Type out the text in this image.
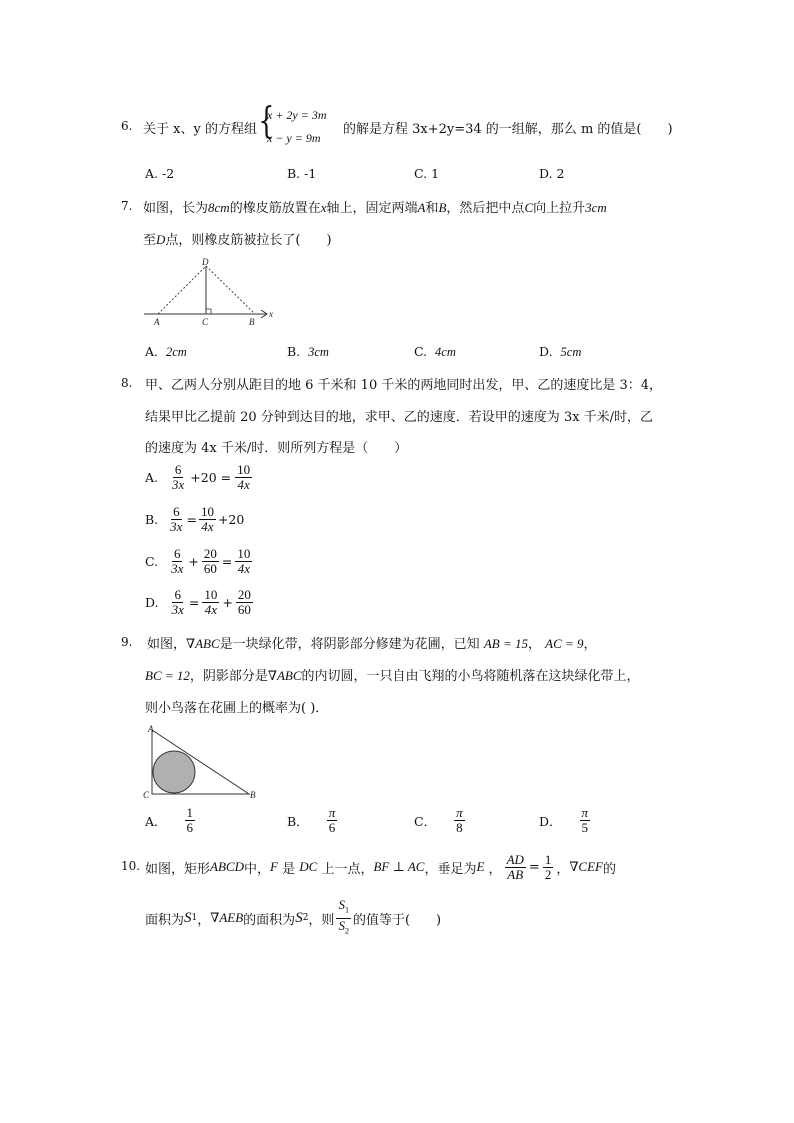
6. 关于 x、y 的方程组 {
x + 2y = 3m
x − y = 9m
的解是方程 3x+2y=34 的一组解，那么 m 的值是(　　)
A. -2	B. -1	C. 1	D. 2
7. 如图，长为8cm的橡皮筋放置在x轴上，固定两端A和B，然后把中点C向上拉升3cm
至D点，则橡皮筋被拉长了(　　)
D
A	C	B
x
A. 2cm	B. 3cm	C. 4cm	D. 5cm
8. 甲、乙两人分别从距目的地 6 千米和 10 千米的两地同时出发，甲、乙的速度比是 3：4，
结果甲比乙提前 20 分钟到达目的地，求甲、乙的速度．若设甲的速度为 3x 千米/时，乙
的速度为 4x 千米/时．则所列方程是（　　）
A. $\frac{6}{3x} +20 = \frac{10}{4x}$
B. $\frac{6}{3x} = \frac{10}{4x} +20$
C. $\frac{6}{3x} + \frac{20}{60} = \frac{10}{4x}$
D. $\frac{6}{3x} = \frac{10}{4x} + \frac{20}{60}$
9. 如图，∇ABC是一块绿化带，将阴影部分修建为花圃，已知 AB = 15， AC = 9，
BC = 12，阴影部分是∇ABC的内切圆，一只自由飞翔的小鸟将随机落在这块绿化带上，
则小鸟落在花圃上的概率为( )．
A
C	B
A． $\frac{1}{6}$	B． $\frac{\pi}{6}$	C． $\frac{\pi}{8}$	D． $\frac{\pi}{5}$
10. 如图，矩形 ABCD 中， F
是
DC
上一点， BF ⊥ AC ，垂足为 E
， $\frac{AD}{AB} = \frac{1}{2}$ ， ∇CEF 的
面积为 S 1 ， ∇AEB 的面积为 S 2 ，则 $\frac{S_1}{S_2}$ 的值等于(　　)
